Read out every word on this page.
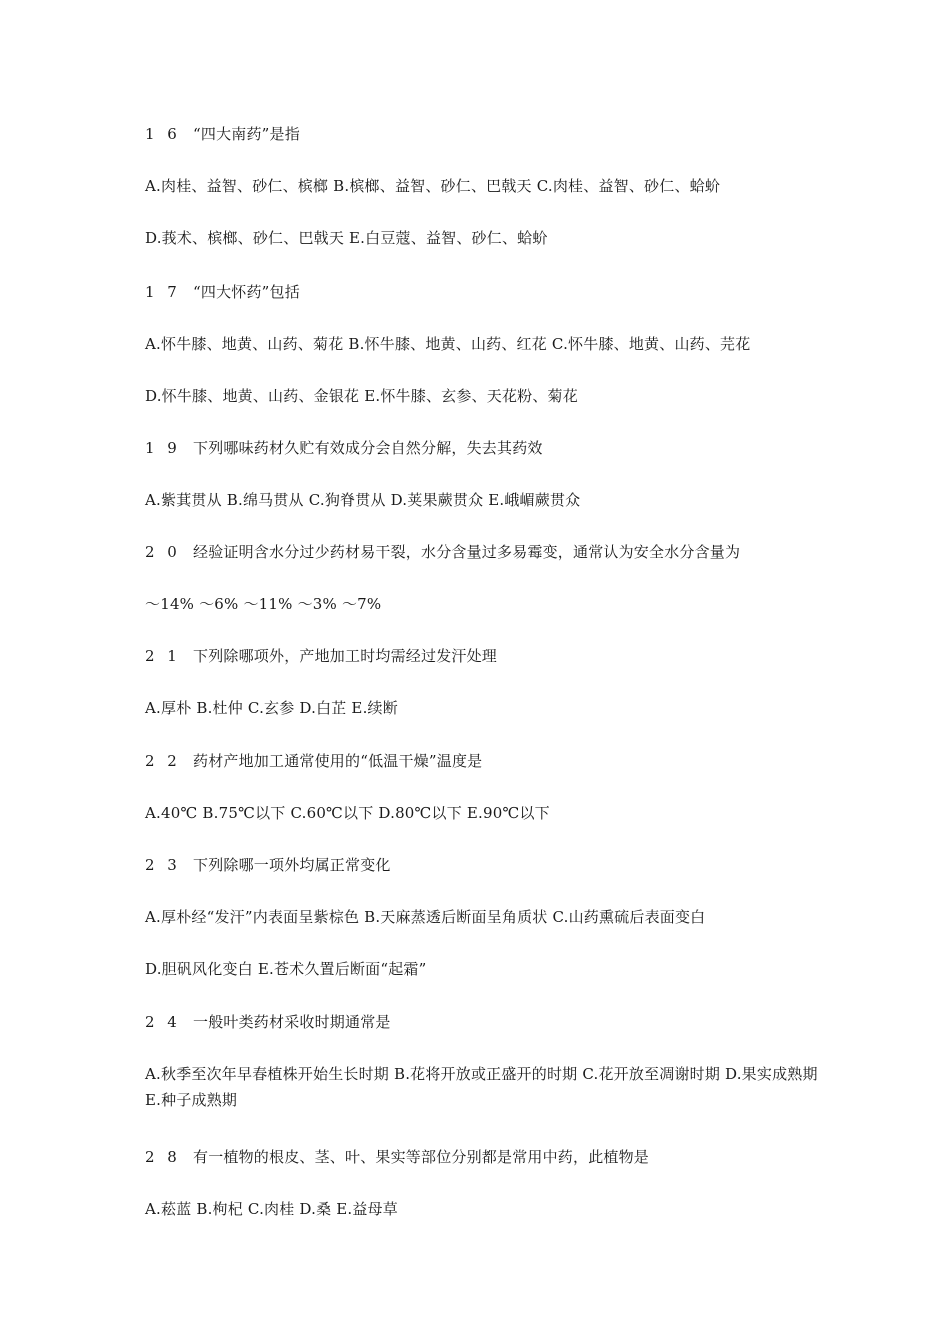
1 6 “四大南药”是指
A.肉桂、益智、砂仁、槟榔 B.槟榔、益智、砂仁、巴戟天 C.肉桂、益智、砂仁、蛤蚧
D.莪术、槟榔、砂仁、巴戟天 E.白豆蔻、益智、砂仁、蛤蚧
1 7 “四大怀药”包括
A.怀牛膝、地黄、山药、菊花 B.怀牛膝、地黄、山药、红花 C.怀牛膝、地黄、山药、芫花
D.怀牛膝、地黄、山药、金银花 E.怀牛膝、玄参、天花粉、菊花
1 9 下列哪味药材久贮有效成分会自然分解，失去其药效
A.紫萁贯从 B.绵马贯从 C.狗脊贯从 D.荚果蕨贯众 E.峨嵋蕨贯众
2 0 经验证明含水分过少药材易干裂，水分含量过多易霉变，通常认为安全水分含量为
～14% ～6% ～11% ～3% ～7%
2 1 下列除哪项外，产地加工时均需经过发汗处理
A.厚朴 B.杜仲 C.玄参 D.白芷 E.续断
2 2 药材产地加工通常使用的“低温干燥”温度是
A.40℃ B.75℃以下 C.60℃以下 D.80℃以下 E.90℃以下
2 3 下列除哪一项外均属正常变化
A.厚朴经“发汗”内表面呈紫棕色 B.天麻蒸透后断面呈角质状 C.山药熏硫后表面变白
D.胆矾风化变白 E.苍术久置后断面“起霜”
2 4 一般叶类药材采收时期通常是
A.秋季至次年早春植株开始生长时期 B.花将开放或正盛开的时期 C.花开放至凋谢时期 D.果实成熟期 E.种子成熟期
2 8 有一植物的根皮、茎、叶、果实等部位分别都是常用中药，此植物是
A.菘蓝 B.枸杞 C.肉桂 D.桑 E.益母草
